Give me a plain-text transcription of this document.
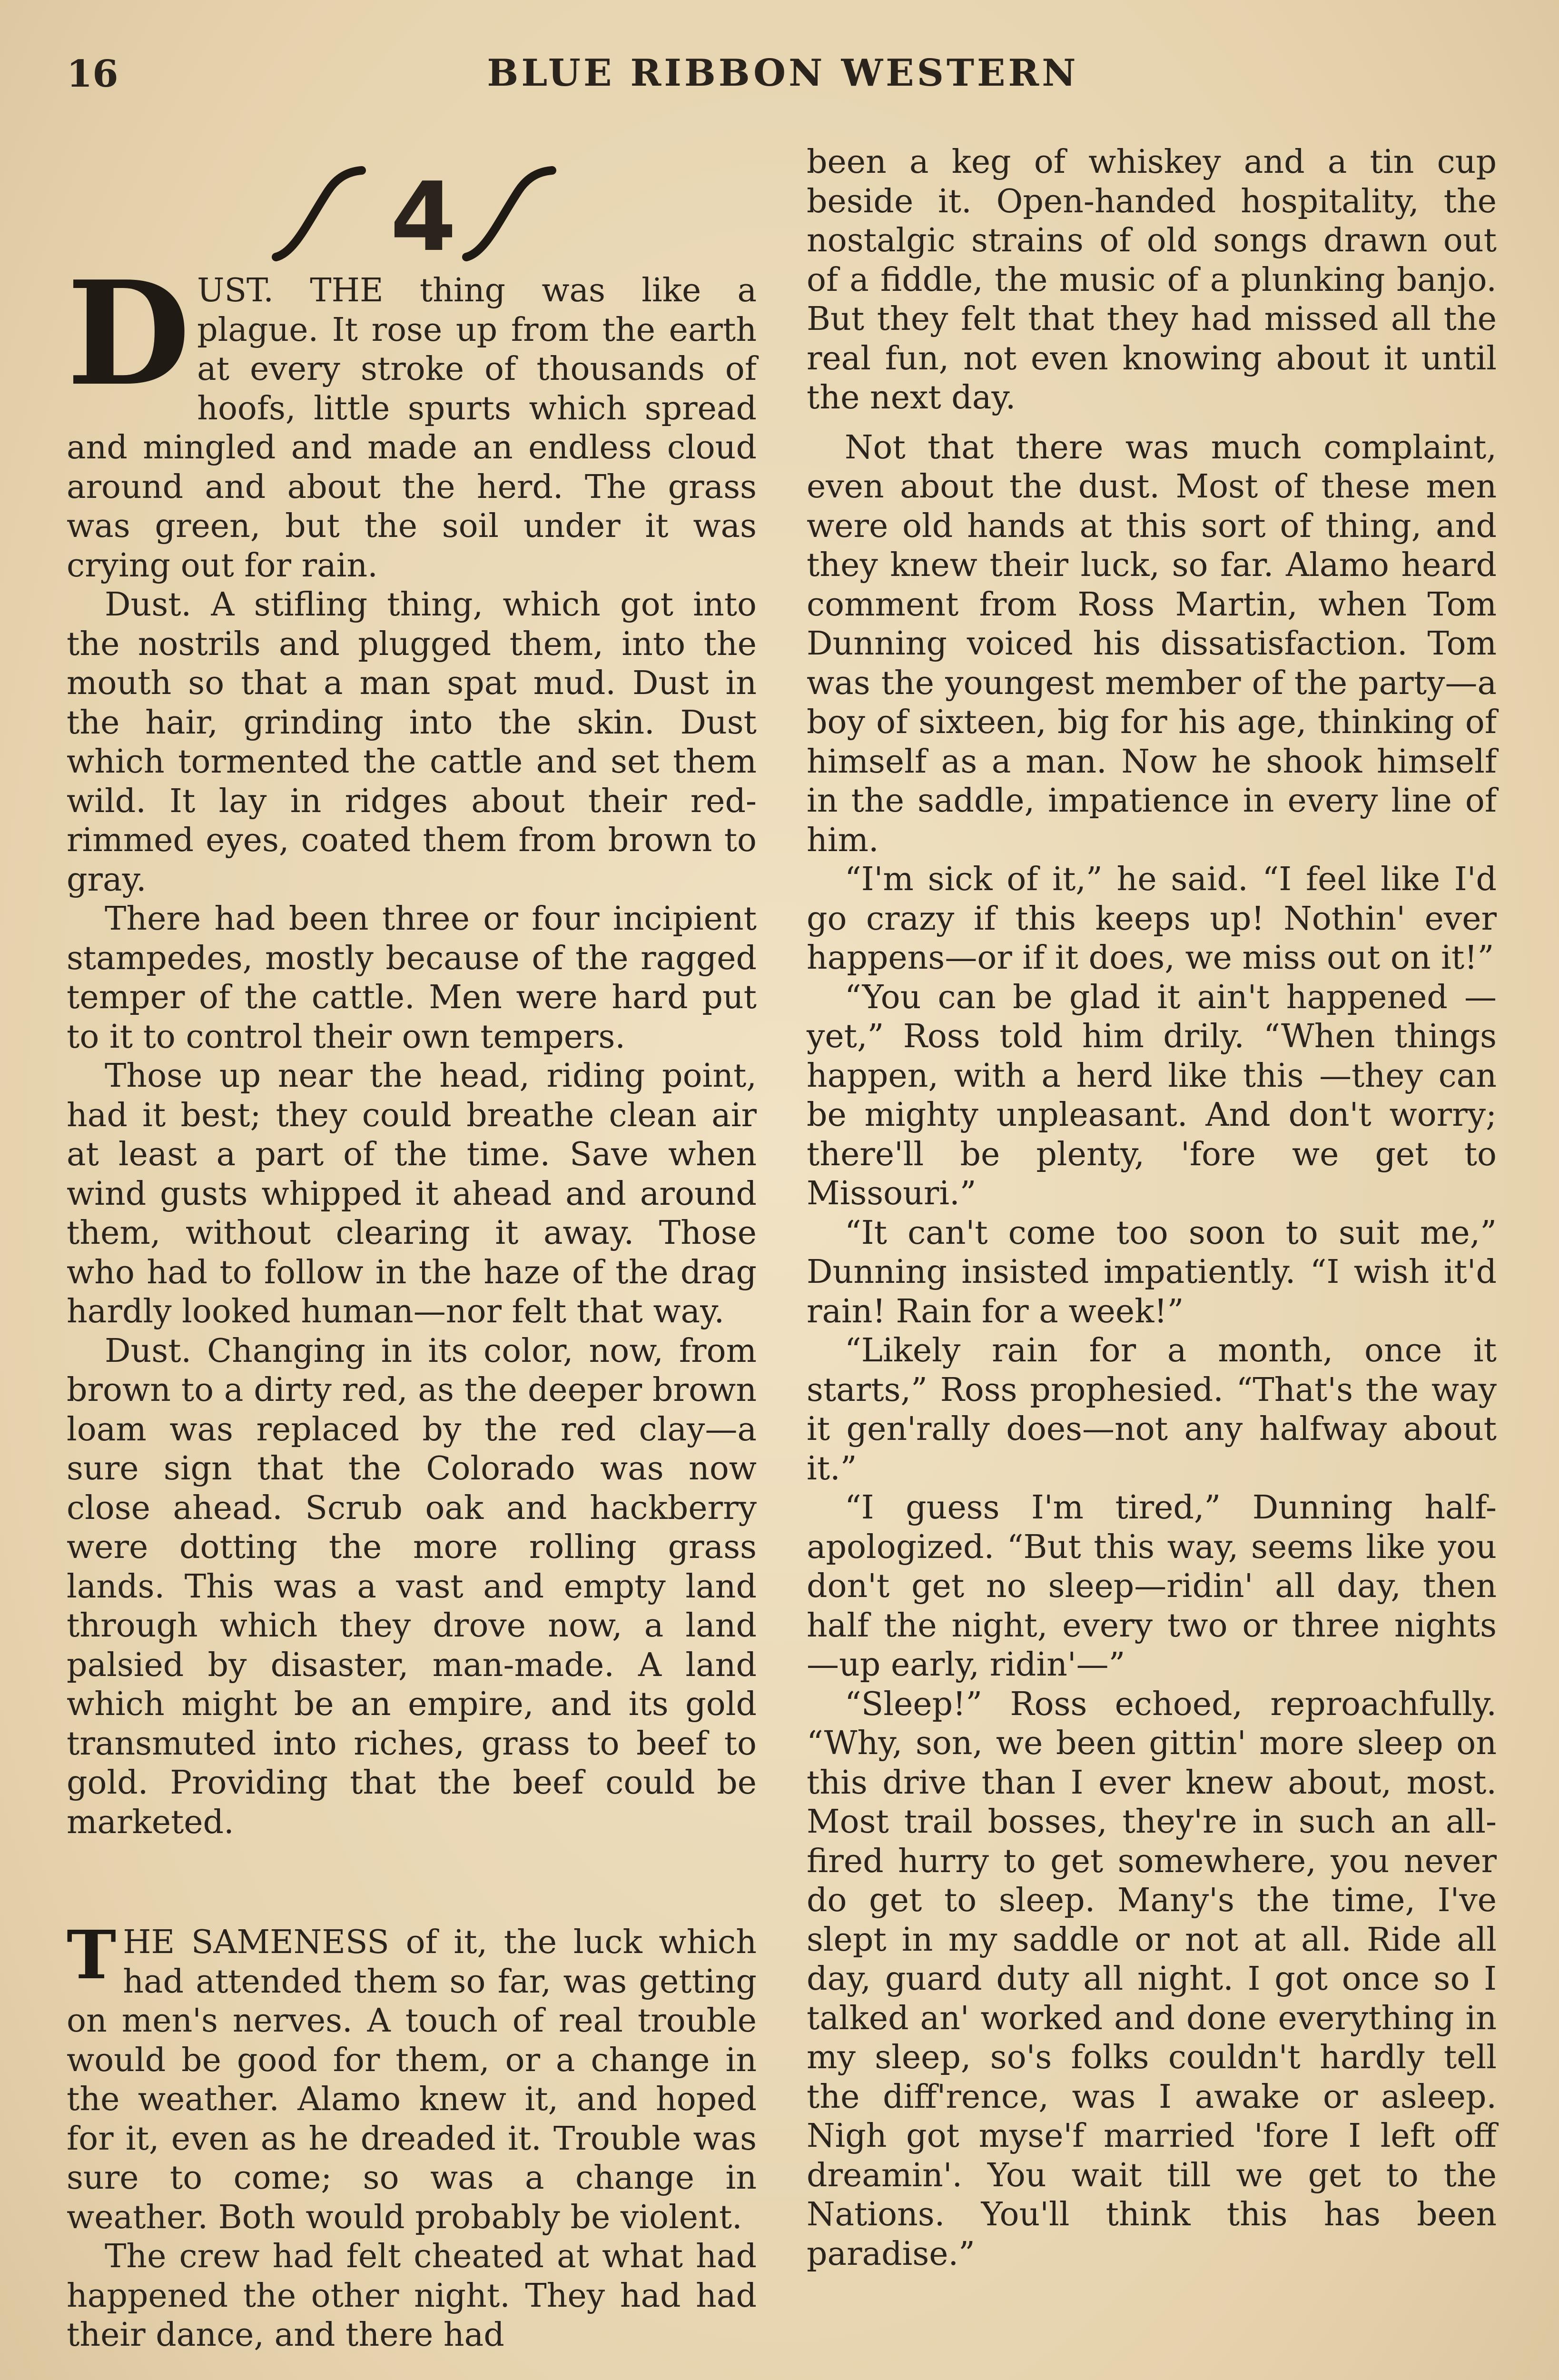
16	BLUE RIBBON WESTERN
4

DUST. THE thing was like a plague. It rose up from the earth at every stroke of thousands of hoofs, little spurts which spread and mingled and made an endless cloud around and about the herd. The grass was green, but the soil under it was crying out for rain.

Dust. A stifling thing, which got into the nostrils and plugged them, into the mouth so that a man spat mud. Dust in the hair, grinding into the skin. Dust which tormented the cattle and set them wild. It lay in ridges about their red-rimmed eyes, coated them from brown to gray.

There had been three or four incipient stampedes, mostly because of the ragged temper of the cattle. Men were hard put to it to control their own tempers.

Those up near the head, riding point, had it best; they could breathe clean air at least a part of the time. Save when wind gusts whipped it ahead and around them, without clearing it away. Those who had to follow in the haze of the drag hardly looked human—nor felt that way.

Dust. Changing in its color, now, from brown to a dirty red, as the deeper brown loam was replaced by the red clay—a sure sign that the Colorado was now close ahead. Scrub oak and hackberry were dotting the more rolling grass lands. This was a vast and empty land through which they drove now, a land palsied by disaster, man-made. A land which might be an empire, and its gold transmuted into riches, grass to beef to gold. Providing that the beef could be marketed.

THE SAMENESS of it, the luck which had attended them so far, was getting on men's nerves. A touch of real trouble would be good for them, or a change in the weather. Alamo knew it, and hoped for it, even as he dreaded it. Trouble was sure to come; so was a change in weather. Both would probably be violent.

The crew had felt cheated at what had happened the other night. They had had their dance, and there had

been a keg of whiskey and a tin cup beside it. Open-handed hospitality, the nostalgic strains of old songs drawn out of a fiddle, the music of a plunking banjo. But they felt that they had missed all the real fun, not even knowing about it until the next day.

Not that there was much complaint, even about the dust. Most of these men were old hands at this sort of thing, and they knew their luck, so far. Alamo heard comment from Ross Martin, when Tom Dunning voiced his dissatisfaction. Tom was the youngest member of the party—a boy of sixteen, big for his age, thinking of himself as a man. Now he shook himself in the saddle, impatience in every line of him.

“I'm sick of it,” he said. “I feel like I'd go crazy if this keeps up! Nothin' ever happens—or if it does, we miss out on it!”

“You can be glad it ain't happened —yet,” Ross told him drily. “When things happen, with a herd like this —they can be mighty unpleasant. And don't worry; there'll be plenty, 'fore we get to Missouri.”

“It can't come too soon to suit me,” Dunning insisted impatiently. “I wish it'd rain! Rain for a week!”

“Likely rain for a month, once it starts,” Ross prophesied. “That's the way it gen'rally does—not any halfway about it.”

“I guess I'm tired,” Dunning half-apologized. “But this way, seems like you don't get no sleep—ridin' all day, then half the night, every two or three nights—up early, ridin'—”

“Sleep!” Ross echoed, reproachfully. “Why, son, we been gittin' more sleep on this drive than I ever knew about, most. Most trail bosses, they're in such an all-fired hurry to get somewhere, you never do get to sleep. Many's the time, I've slept in my saddle or not at all. Ride all day, guard duty all night. I got once so I talked an' worked and done everything in my sleep, so's folks couldn't hardly tell the diff'rence, was I awake or asleep. Nigh got myse'f married 'fore I left off dreamin'. You wait till we get to the Nations. You'll think this has been paradise.”
